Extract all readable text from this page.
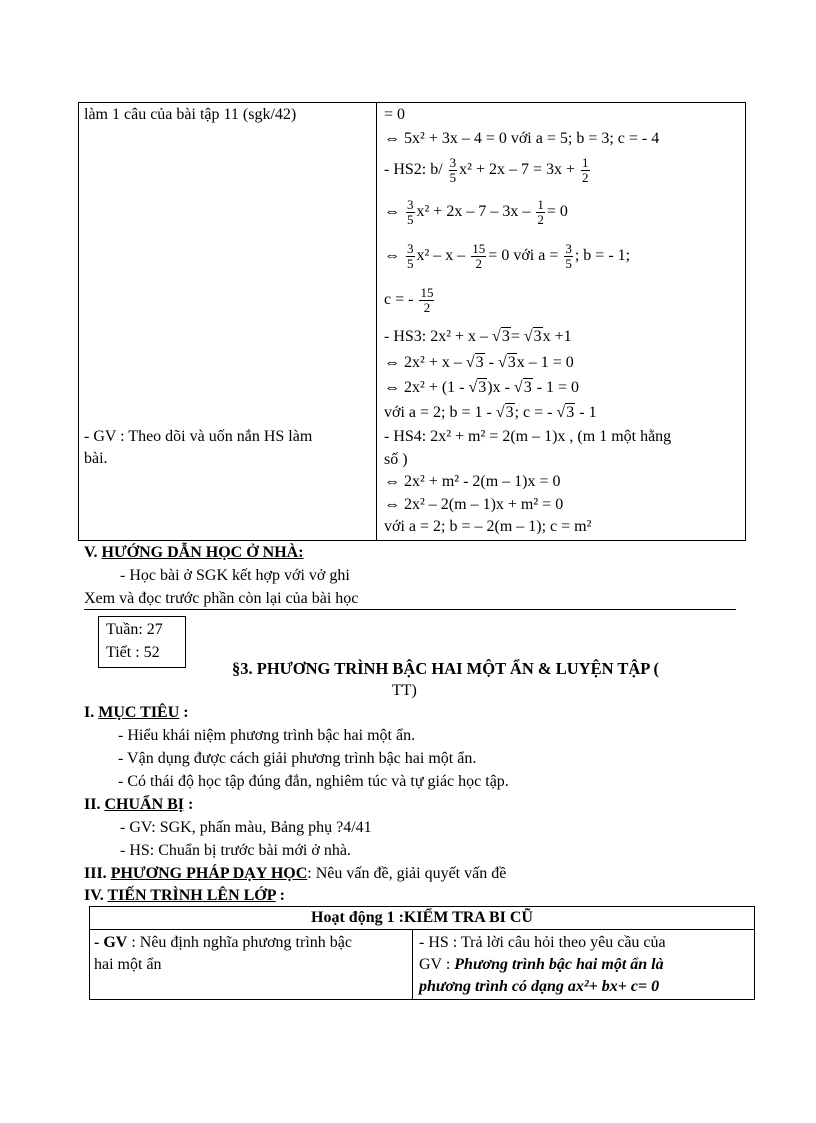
làm 1 câu của bài tập 11 (sgk/42)
- GV : Theo dõi và uốn nắn HS làm
bài.
= 0
⇔ 5x² + 3x – 4 = 0 với a = 5; b = 3; c = - 4
- HS2: $b/ \frac{3}{5} x^2 + 2x - 7 = 3x + \frac{1}{2}$
⇔ $\frac{3}{5} x^2 + 2x - 7 - 3x - \frac{1}{2} = 0$
⇔ $\frac{3}{5} x^2 - x - \frac{15}{2} = 0$ với $a = \frac{3}{5}$ ; b = - 1;
c = - $\frac{15}{2}$
- HS3: 2x² + x – √3= √3x +1
⇔ 2x² + x – √3 - √3x – 1 = 0
⇔ 2x² + (1 - √3)x - √3 - 1 = 0
với a = 2; b = 1 - √3; c = - √3 - 1
- HS4: 2x² + m² = 2(m – 1)x , (m 1 một hằng
số )
⇔ 2x² + m² - 2(m – 1)x = 0
⇔ 2x² – 2(m – 1)x + m² = 0
với a = 2; b = – 2(m – 1); c = m²
V. HƯỚNG DẪN HỌC Ở NHÀ:
- Học bài ở SGK kết hợp với vở ghi
Xem và đọc trước phần còn lại của bài học
Tuần: 27
Tiết : 52
§3. PHƯƠNG TRÌNH BẬC HAI MỘT ẨN & LUYỆN TẬP (
TT)
I. MỤC TIÊU :
- Hiểu khái niệm phương trình bậc hai một ẩn.
- Vận dụng được cách giải phương trình bậc hai một ẩn.
- Có thái độ học tập đúng đắn, nghiêm túc và tự giác học tập.
II. CHUẨN BỊ :
- GV: SGK, phấn màu, Bảng phụ ?4/41
- HS: Chuẩn bị trước bài mới ở nhà.
III. PHƯƠNG PHÁP DẠY HỌC: Nêu vấn đề, giải quyết vấn đề
IV. TIẾN TRÌNH LÊN LỚP :
Hoạt động 1 :KIỂM TRA BI CŨ
- GV : Nêu định nghĩa phương trình bậc
hai một ẩn
- HS : Trả lời câu hỏi theo yêu cầu của
GV : Phương trình bậc hai một ẩn là
phương trình có dạng ax²+ bx+ c= 0
